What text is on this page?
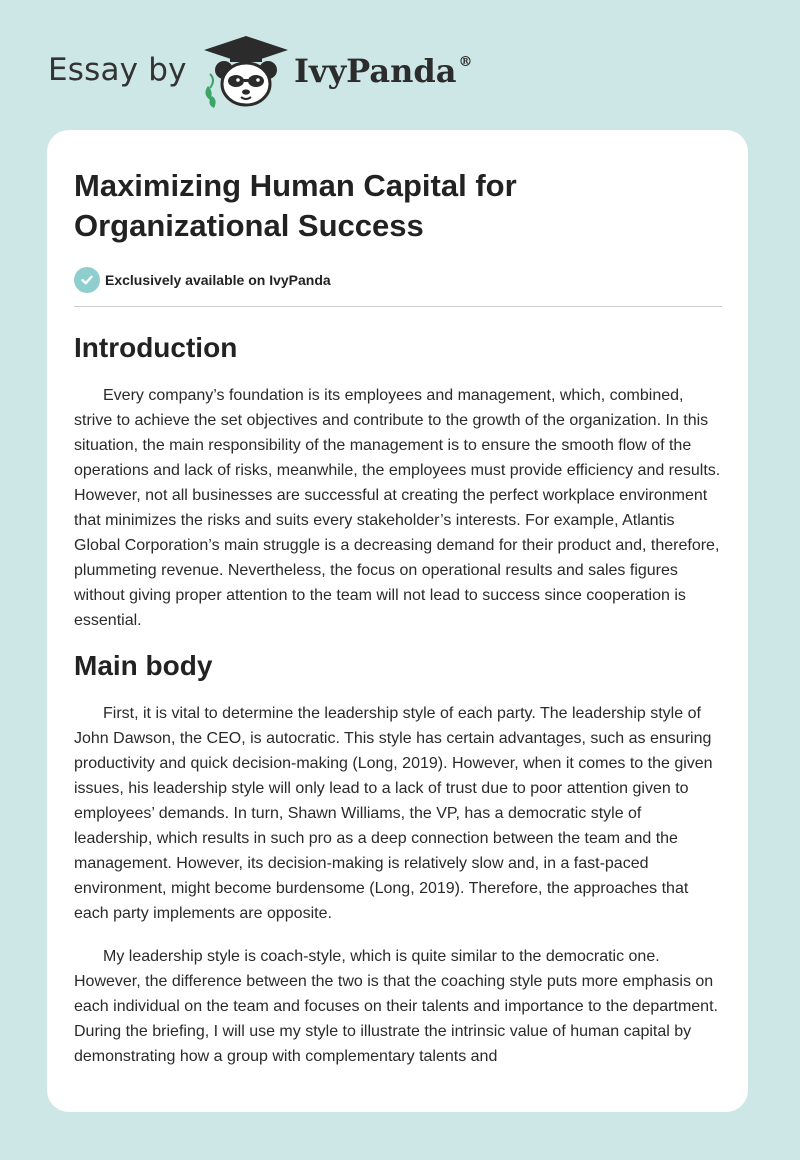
Essay by	IvyPanda ®
Maximizing Human Capital for Organizational Success
Exclusively available on IvyPanda
Introduction

Every company’s foundation is its employees and management, which, combined, strive to achieve the set objectives and contribute to the growth of the organization. In this situation, the main responsibility of the management is to ensure the smooth flow of the operations and lack of risks, meanwhile, the employees must provide efficiency and results. However, not all businesses are successful at creating the perfect workplace environment that minimizes the risks and suits every stakeholder’s interests. For example, Atlantis Global Corporation’s main struggle is a decreasing demand for their product and, therefore, plummeting revenue. Nevertheless, the focus on operational results and sales figures without giving proper attention to the team will not lead to success since cooperation is essential.

Main body

First, it is vital to determine the leadership style of each party. The leadership style of John Dawson, the CEO, is autocratic. This style has certain advantages, such as ensuring productivity and quick decision-making (Long, 2019). However, when it comes to the given issues, his leadership style will only lead to a lack of trust due to poor attention given to employees’ demands. In turn, Shawn Williams, the VP, has a democratic style of leadership, which results in such pro as a deep connection between the team and the management. However, its decision-making is relatively slow and, in a fast-paced environment, might become burdensome (Long, 2019). Therefore, the approaches that each party implements are opposite.

My leadership style is coach-style, which is quite similar to the democratic one. However, the difference between the two is that the coaching style puts more emphasis on each individual on the team and focuses on their talents and importance to the department. During the briefing, I will use my style to illustrate the intrinsic value of human capital by demonstrating how a group with complementary talents and
